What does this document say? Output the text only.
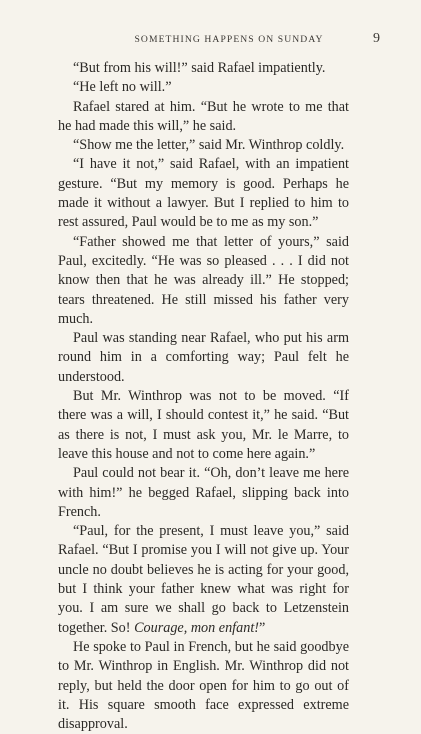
SOMETHING HAPPENS ON SUNDAY	9

“But from his will!” said Rafael impatiently.

“He left no will.”

Rafael stared at him. “But he wrote to me that he had made this will,” he said.

“Show me the letter,” said Mr. Winthrop coldly.

“I have it not,” said Rafael, with an impatient gesture. “But my memory is good. Perhaps he made it without a lawyer. But I replied to him to rest assured, Paul would be to me as my son.”

“Father showed me that letter of yours,” said Paul, excitedly. “He was so pleased . . . I did not know then that he was already ill.” He stopped; tears threatened. He still missed his father very much.

Paul was standing near Rafael, who put his arm round him in a comforting way; Paul felt he understood.

But Mr. Winthrop was not to be moved. “If there was a will, I should contest it,” he said. “But as there is not, I must ask you, Mr. le Marre, to leave this house and not to come here again.”

Paul could not bear it. “Oh, don’t leave me here with him!” he begged Rafael, slipping back into French.

“Paul, for the present, I must leave you,” said Rafael. “But I promise you I will not give up. Your uncle no doubt believes he is acting for your good, but I think your father knew what was right for you. I am sure we shall go back to Letzenstein together. So! Courage, mon enfant!”

He spoke to Paul in French, but he said goodbye to Mr. Winthrop in English. Mr. Winthrop did not reply, but held the door open for him to go out of it. His square smooth face expressed extreme disapproval.
